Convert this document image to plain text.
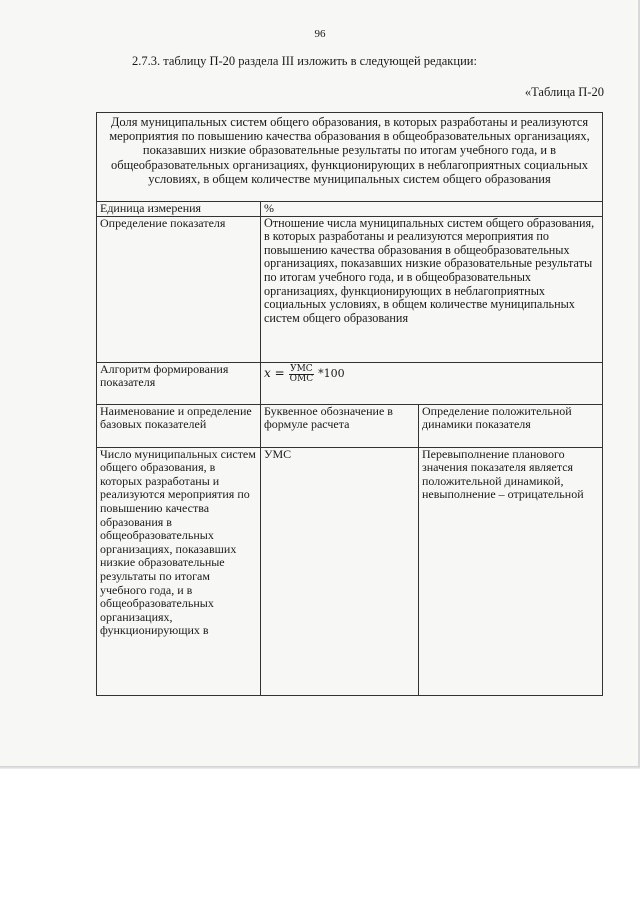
96
2.7.3. таблицу П-20 раздела III изложить в следующей редакции:
«Таблица П-20
Доля муниципальных систем общего образования, в которых разработаны и реализуются мероприятия по повышению качества образования в общеобразовательных организациях, показавших низкие образовательные результаты по итогам учебного года, и в общеобразовательных организациях, функционирующих в неблагоприятных социальных условиях, в общем количестве муниципальных систем общего образования		
Единица измерения	%	
Определение показателя	Отношение числа муниципальных систем общего образования, в которых разработаны и реализуются мероприятия по повышению качества образования в общеобразовательных организациях, показавших низкие образовательные результаты по итогам учебного года, и в общеобразовательных организациях, функционирующих в неблагоприятных социальных условиях, в общем количестве муниципальных систем общего образования	
Алгоритм формирования показателя	$x = \frac{\text{УМС}}{\text{ОМС}} *100$	

Наименование и определение базовых показателей	Буквенное обозначение в формуле расчета	Определение положительной динамики показателя
Число муниципальных систем общего образования, в которых разработаны и реализуются мероприятия по повышению качества образования в общеобразовательных организациях, показавших низкие образовательные результаты по итогам учебного года, и в общеобразовательных организациях, функционирующих в	УМС	Перевыполнение планового значения показателя является положительной динамикой, невыполнение – отрицательной
